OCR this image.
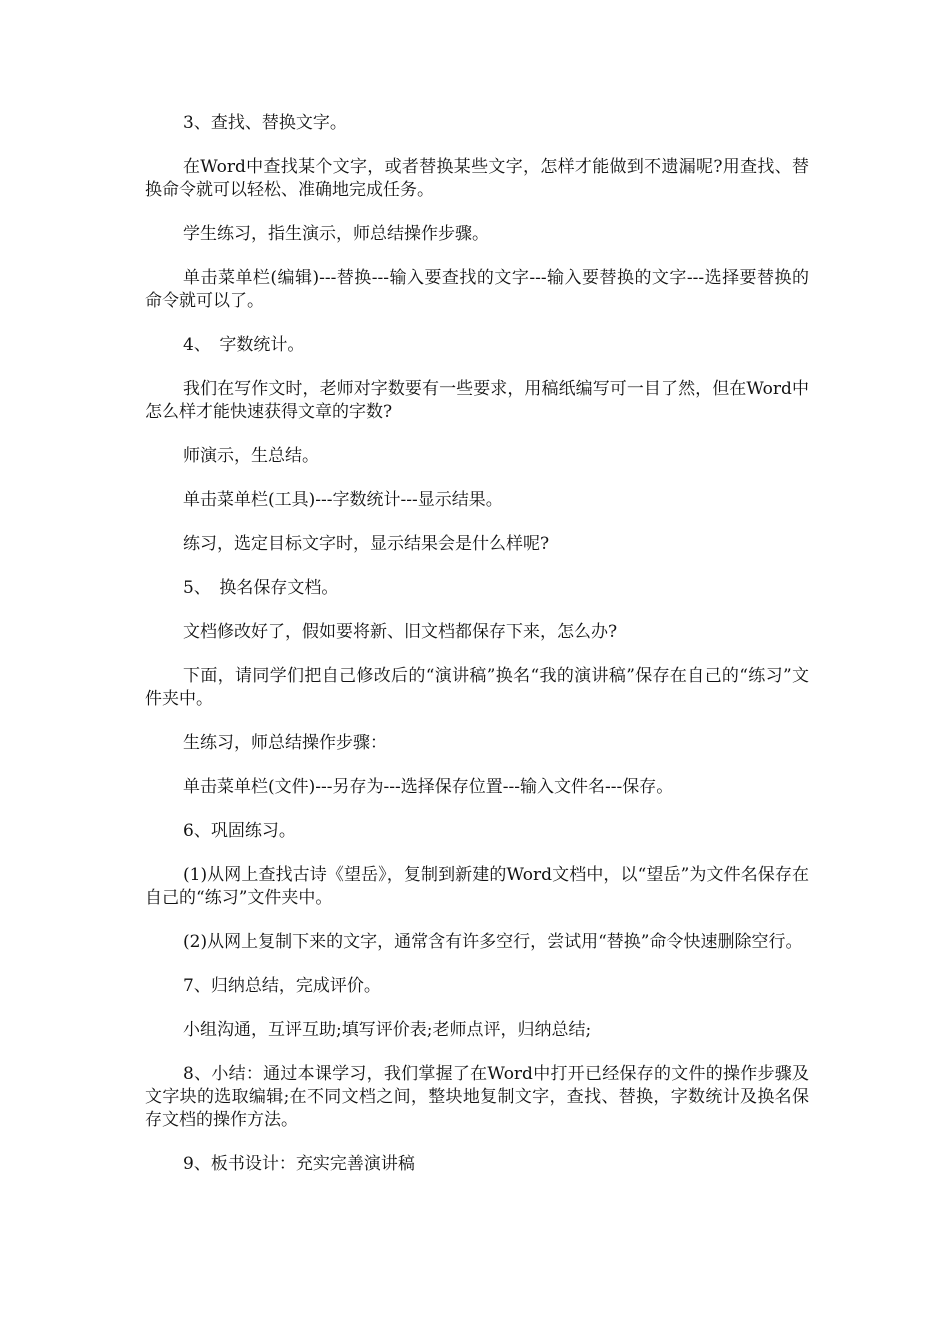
3、查找、替换文字。

在Word中查找某个文字，或者替换某些文字，怎样才能做到不遗漏呢?用查找、替换命令就可以轻松、准确地完成任务。

学生练习，指生演示，师总结操作步骤。

单击菜单栏(编辑)---替换---输入要查找的文字---输入要替换的文字---选择要替换的命令就可以了。

4、　字数统计。

我们在写作文时，老师对字数要有一些要求，用稿纸编写可一目了然，但在Word中怎么样才能快速获得文章的字数?

师演示，生总结。

单击菜单栏(工具)---字数统计---显示结果。

练习，选定目标文字时，显示结果会是什么样呢?

5、　换名保存文档。

文档修改好了，假如要将新、旧文档都保存下来，怎么办?

下面，请同学们把自己修改后的“演讲稿”换名“我的演讲稿”保存在自己的“练习”文件夹中。

生练习，师总结操作步骤：

单击菜单栏(文件)---另存为---选择保存位置---输入文件名---保存。

6、巩固练习。

(1)从网上查找古诗《望岳》，复制到新建的Word文档中，以“望岳”为文件名保存在自己的“练习”文件夹中。

(2)从网上复制下来的文字，通常含有许多空行，尝试用“替换”命令快速删除空行。

7、归纳总结，完成评价。

小组沟通，互评互助;填写评价表;老师点评，归纳总结;

8、小结：通过本课学习，我们掌握了在Word中打开已经保存的文件的操作步骤及文字块的选取编辑;在不同文档之间，整块地复制文字，查找、替换，字数统计及换名保存文档的操作方法。

9、板书设计：充实完善演讲稿
